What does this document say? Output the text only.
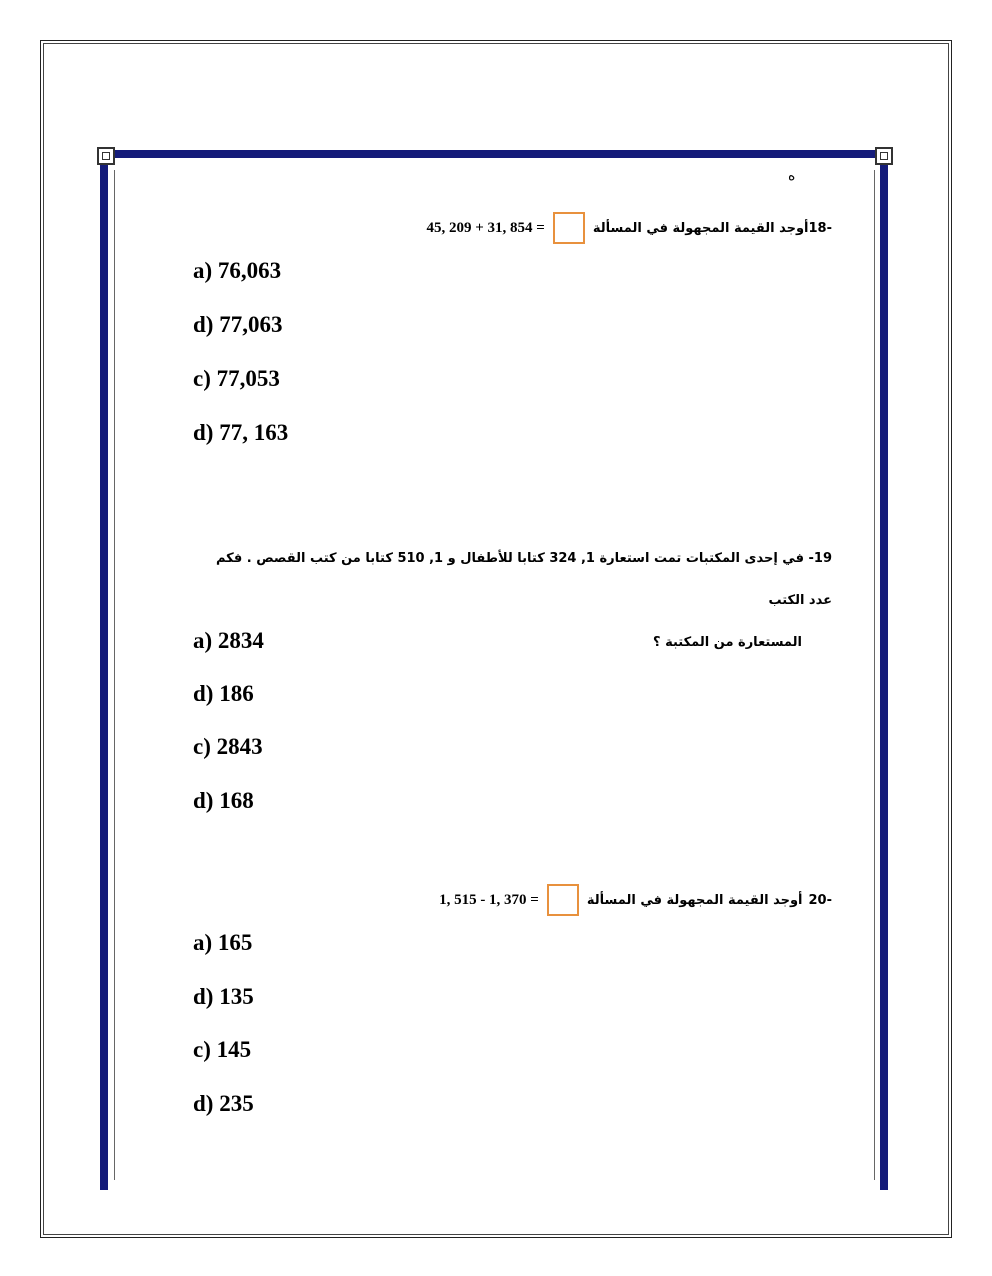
ه
45, 209 + 31, 854 =	أوجد القيمة المجهولة في المسألة 18-
a) 76,063
d) 77,063
c) 77,053
d) 77, 163
19- في إحدى المكتبات تمت استعارة 1, 324 كتابا للأطفال و 1, 510 كتابا من كتب القصص . فكم عدد الكتب
المستعارة من المكتبة ؟
a) 2834
d) 186
c) 2843
d) 168
1, 515 - 1, 370 =	أوجد القيمة المجهولة في المسألة 20-
a) 165
d) 135
c) 145
d) 235
